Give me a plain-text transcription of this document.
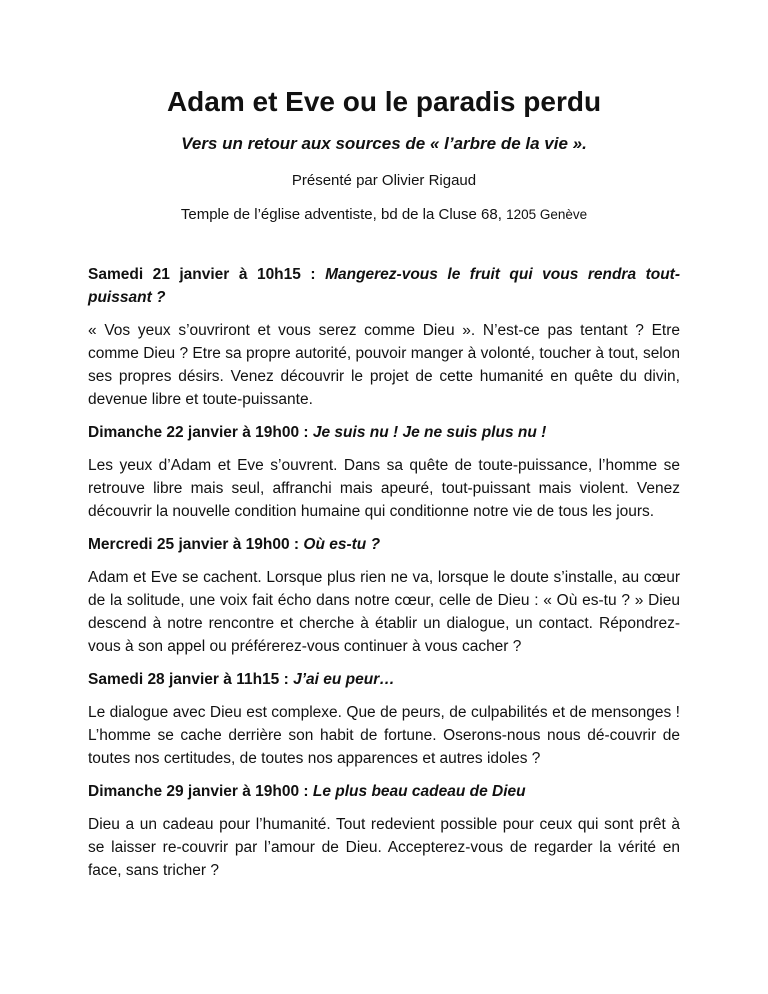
Adam et Eve ou le paradis perdu

Vers un retour aux sources de « l’arbre de la vie ».

Présenté par Olivier Rigaud

Temple de l’église adventiste, bd de la Cluse 68, 1205 Genève

Samedi 21 janvier à 10h15 : Mangerez-vous le fruit qui vous rendra tout-puissant ?

« Vos yeux s’ouvriront et vous serez comme Dieu ». N’est-ce pas tentant ? Etre comme Dieu ? Etre sa propre autorité, pouvoir manger à volonté, toucher à tout, selon ses propres désirs. Venez découvrir le projet de cette humanité en quête du divin, devenue libre et toute-puissante.

Dimanche 22 janvier à 19h00 : Je suis nu ! Je ne suis plus nu !

Les yeux d’Adam et Eve s’ouvrent. Dans sa quête de toute-puissance, l’homme se retrouve libre mais seul, affranchi mais apeuré, tout-puissant mais violent. Venez découvrir la nouvelle condition humaine qui conditionne notre vie de tous les jours.

Mercredi 25 janvier à 19h00 : Où es-tu ?

Adam et Eve se cachent. Lorsque plus rien ne va, lorsque le doute s’installe, au cœur de la solitude, une voix fait écho dans notre cœur, celle de Dieu : « Où es-tu ? » Dieu descend à notre rencontre et cherche à établir un dialogue, un contact. Répondrez-vous à son appel ou préférerez-vous continuer à vous cacher ?

Samedi 28 janvier à 11h15 : J’ai eu peur…

Le dialogue avec Dieu est complexe. Que de peurs, de culpabilités et de mensonges ! L’homme se cache derrière son habit de fortune. Oserons-nous nous dé-couvrir de toutes nos certitudes, de toutes nos apparences et autres idoles ?

Dimanche 29 janvier à 19h00 : Le plus beau cadeau de Dieu

Dieu a un cadeau pour l’humanité. Tout redevient possible pour ceux qui sont prêt à se laisser re-couvrir par l’amour de Dieu. Accepterez-vous de regarder la vérité en face, sans tricher ?
